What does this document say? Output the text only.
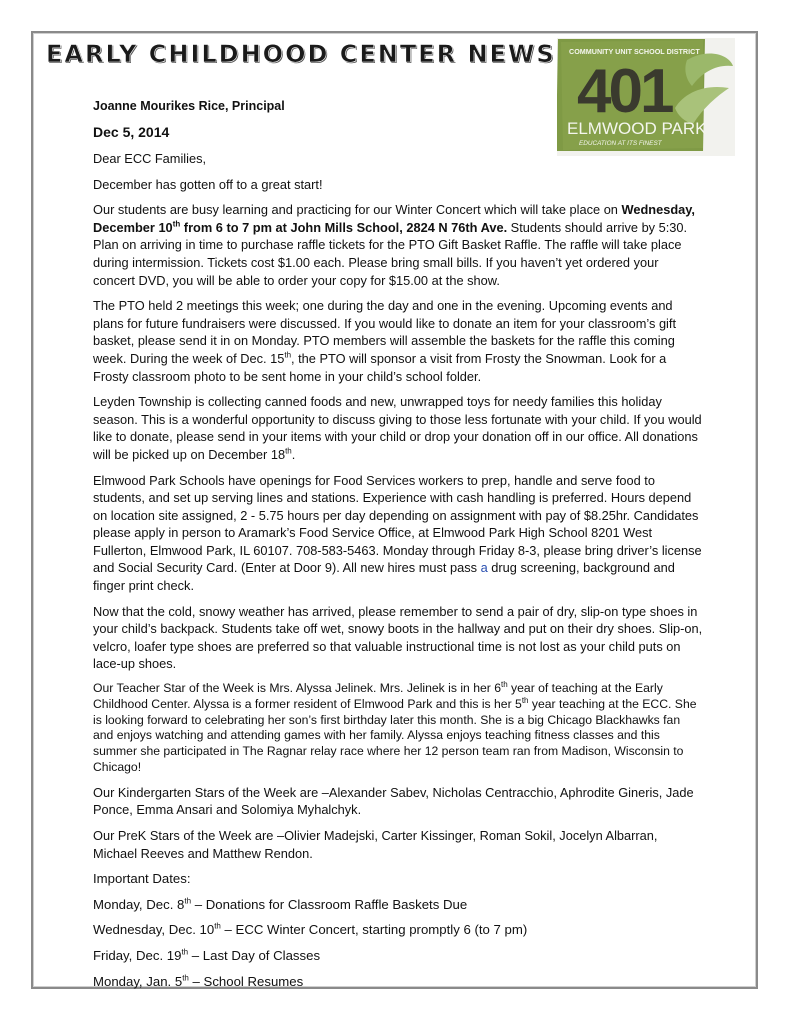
EARLY CHILDHOOD CENTER NEWS COMMUNITY UNIT SCHOOL DISTRICT
401
ELMWOOD PARK
EDUCATION AT ITS FINEST
Joanne Mourikes Rice, Principal
Dec 5, 2014

Dear ECC Families,

December has gotten off to a great start!

Our students are busy learning and practicing for our Winter Concert which will take place on Wednesday, December 10th from 6 to 7 pm at John Mills School, 2824 N 76th Ave. Students should arrive by 5:30. Plan on arriving in time to purchase raffle tickets for the PTO Gift Basket Raffle. The raffle will take place during intermission. Tickets cost $1.00 each. Please bring small bills. If you haven’t yet ordered your concert DVD, you will be able to order your copy for $15.00 at the show.

The PTO held 2 meetings this week; one during the day and one in the evening. Upcoming events and plans for future fundraisers were discussed. If you would like to donate an item for your classroom’s gift basket, please send it in on Monday. PTO members will assemble the baskets for the raffle this coming week. During the week of Dec. 15th, the PTO will sponsor a visit from Frosty the Snowman. Look for a Frosty classroom photo to be sent home in your child’s school folder.

Leyden Township is collecting canned foods and new, unwrapped toys for needy families this holiday season. This is a wonderful opportunity to discuss giving to those less fortunate with your child. If you would like to donate, please send in your items with your child or drop your donation off in our office. All donations will be picked up on December 18th.

Elmwood Park Schools have openings for Food Services workers to prep, handle and serve food to students, and set up serving lines and stations. Experience with cash handling is preferred. Hours depend on location site assigned, 2 - 5.75 hours per day depending on assignment with pay of $8.25hr. Candidates please apply in person to Aramark’s Food Service Office, at Elmwood Park High School 8201 West Fullerton, Elmwood Park, IL 60107. 708-583-5463. Monday through Friday 8-3, please bring driver’s license and Social Security Card. (Enter at Door 9). All new hires must pass a drug screening, background and finger print check.

Now that the cold, snowy weather has arrived, please remember to send a pair of dry, slip-on type shoes in your child’s backpack. Students take off wet, snowy boots in the hallway and put on their dry shoes. Slip-on, velcro, loafer type shoes are preferred so that valuable instructional time is not lost as your child puts on lace-up shoes.

Our Teacher Star of the Week is Mrs. Alyssa Jelinek. Mrs. Jelinek is in her 6th year of teaching at the Early Childhood Center. Alyssa is a former resident of Elmwood Park and this is her 5th year teaching at the ECC. She is looking forward to celebrating her son’s first birthday later this month. She is a big Chicago Blackhawks fan and enjoys watching and attending games with her family. Alyssa enjoys teaching fitness classes and this summer she participated in The Ragnar relay race where her 12 person team ran from Madison, Wisconsin to Chicago!

Our Kindergarten Stars of the Week are –Alexander Sabev, Nicholas Centracchio, Aphrodite Gineris, Jade Ponce, Emma Ansari and Solomiya Myhalchyk.

Our PreK Stars of the Week are –Olivier Madejski, Carter Kissinger, Roman Sokil, Jocelyn Albarran, Michael Reeves and Matthew Rendon.

Important Dates:

Monday, Dec. 8th – Donations for Classroom Raffle Baskets Due

Wednesday, Dec. 10th – ECC Winter Concert, starting promptly 6 (to 7 pm)

Friday, Dec. 19th – Last Day of Classes

Monday, Jan. 5th – School Resumes
